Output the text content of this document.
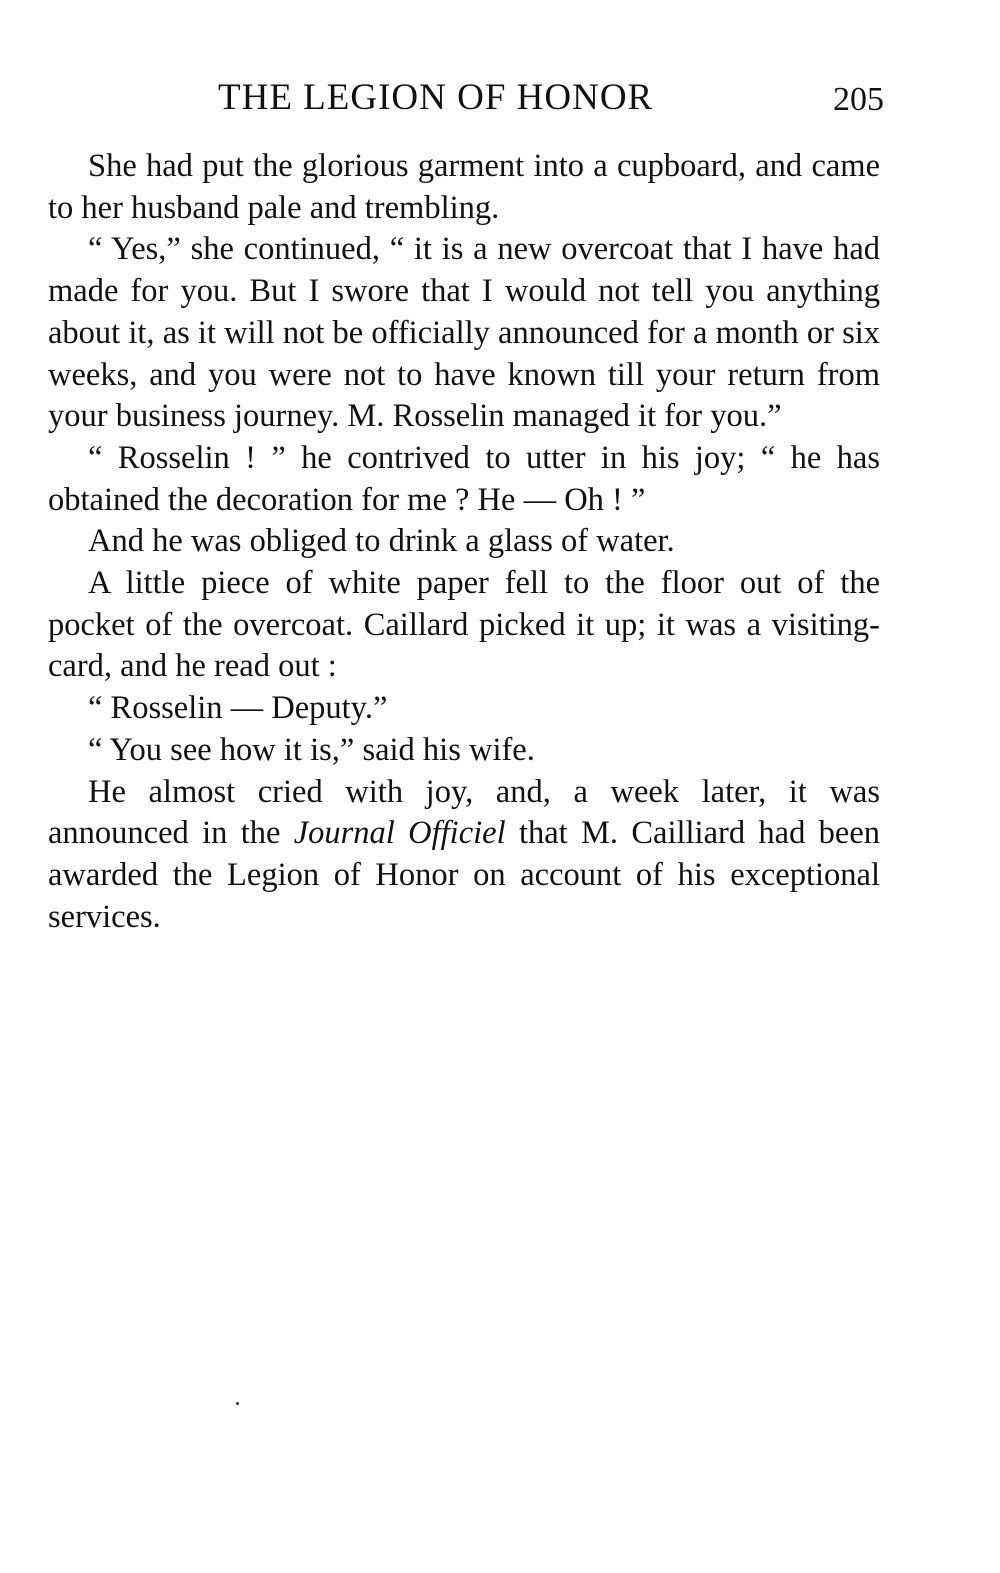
THE LEGION OF HONOR	205

She had put the glorious garment into a cupboard, and came to her husband pale and trembling.

“ Yes,” she continued, “ it is a new overcoat that I have had made for you. But I swore that I would not tell you anything about it, as it will not be officially announced for a month or six weeks, and you were not to have known till your return from your business journey. M. Rosselin managed it for you.”

“ Rosselin ! ” he contrived to utter in his joy; “ he has obtained the decoration for me ? He — Oh ! ”

And he was obliged to drink a glass of water.

A little piece of white paper fell to the floor out of the pocket of the overcoat. Caillard picked it up; it was a visiting-card, and he read out :

“ Rosselin — Deputy.”

“ You see how it is,” said his wife.

He almost cried with joy, and, a week later, it was announced in the Journal Officiel that M. Cailliard had been awarded the Legion of Honor on account of his exceptional services.
